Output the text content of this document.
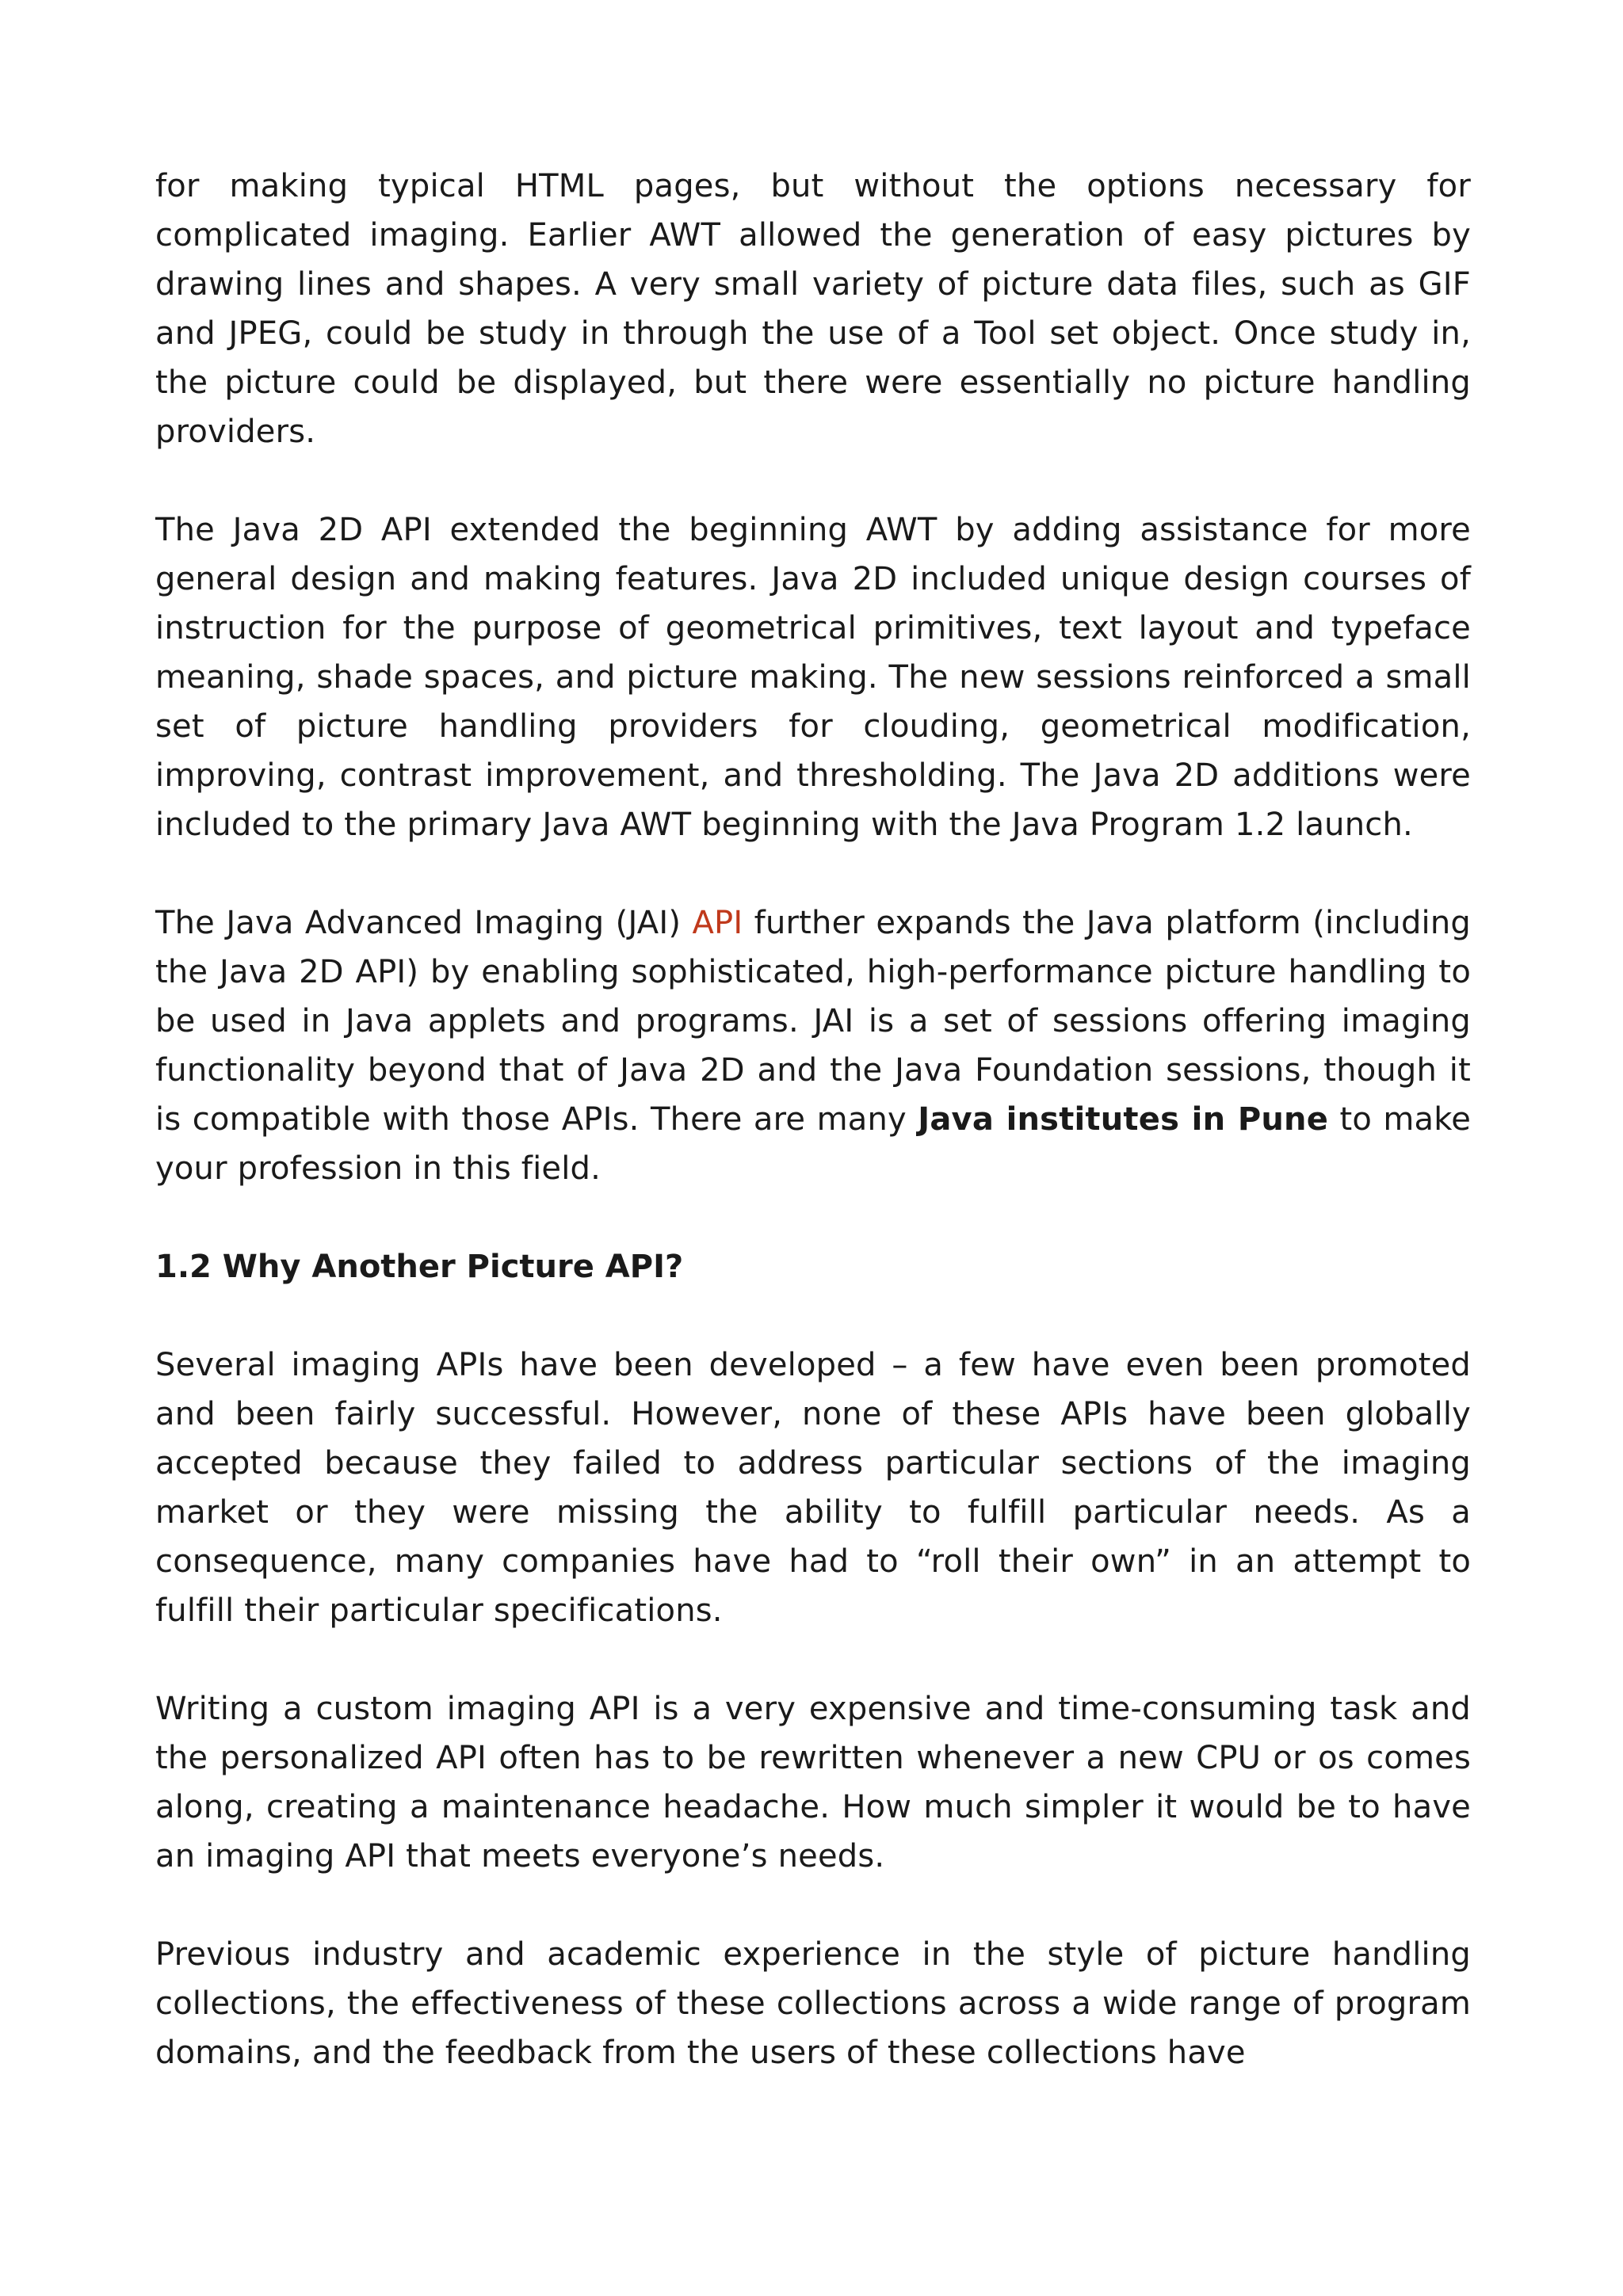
for making typical HTML pages, but without the options necessary for complicated imaging. Earlier AWT allowed the generation of easy pictures by drawing lines and shapes. A very small variety of picture data files, such as GIF and JPEG, could be study in through the use of a Tool set object. Once study in, the picture could be displayed, but there were essentially no picture handling providers.

The Java 2D API extended the beginning AWT by adding assistance for more general design and making features. Java 2D included unique design courses of instruction for the purpose of geometrical primitives, text layout and typeface meaning, shade spaces, and picture making. The new sessions reinforced a small set of picture handling providers for clouding, geometrical modification, improving, contrast improvement, and thresholding. The Java 2D additions were included to the primary Java AWT beginning with the Java Program 1.2 launch.

The Java Advanced Imaging (JAI) API further expands the Java platform (including the Java 2D API) by enabling sophisticated, high-performance picture handling to be used in Java applets and programs. JAI is a set of sessions offering imaging functionality beyond that of Java 2D and the Java Foundation sessions, though it is compatible with those APIs. There are many Java institutes in Pune to make your profession in this field.

1.2 Why Another Picture API?

Several imaging APIs have been developed – a few have even been promoted and been fairly successful. However, none of these APIs have been globally accepted because they failed to address particular sections of the imaging market or they were missing the ability to fulfill particular needs. As a consequence, many companies have had to “roll their own” in an attempt to fulfill their particular specifications.

Writing a custom imaging API is a very expensive and time-consuming task and the personalized API often has to be rewritten whenever a new CPU or os comes along, creating a maintenance headache. How much simpler it would be to have an imaging API that meets everyone’s needs.

Previous industry and academic experience in the style of picture handling collections, the effectiveness of these collections across a wide range of program domains, and the feedback from the users of these collections have
